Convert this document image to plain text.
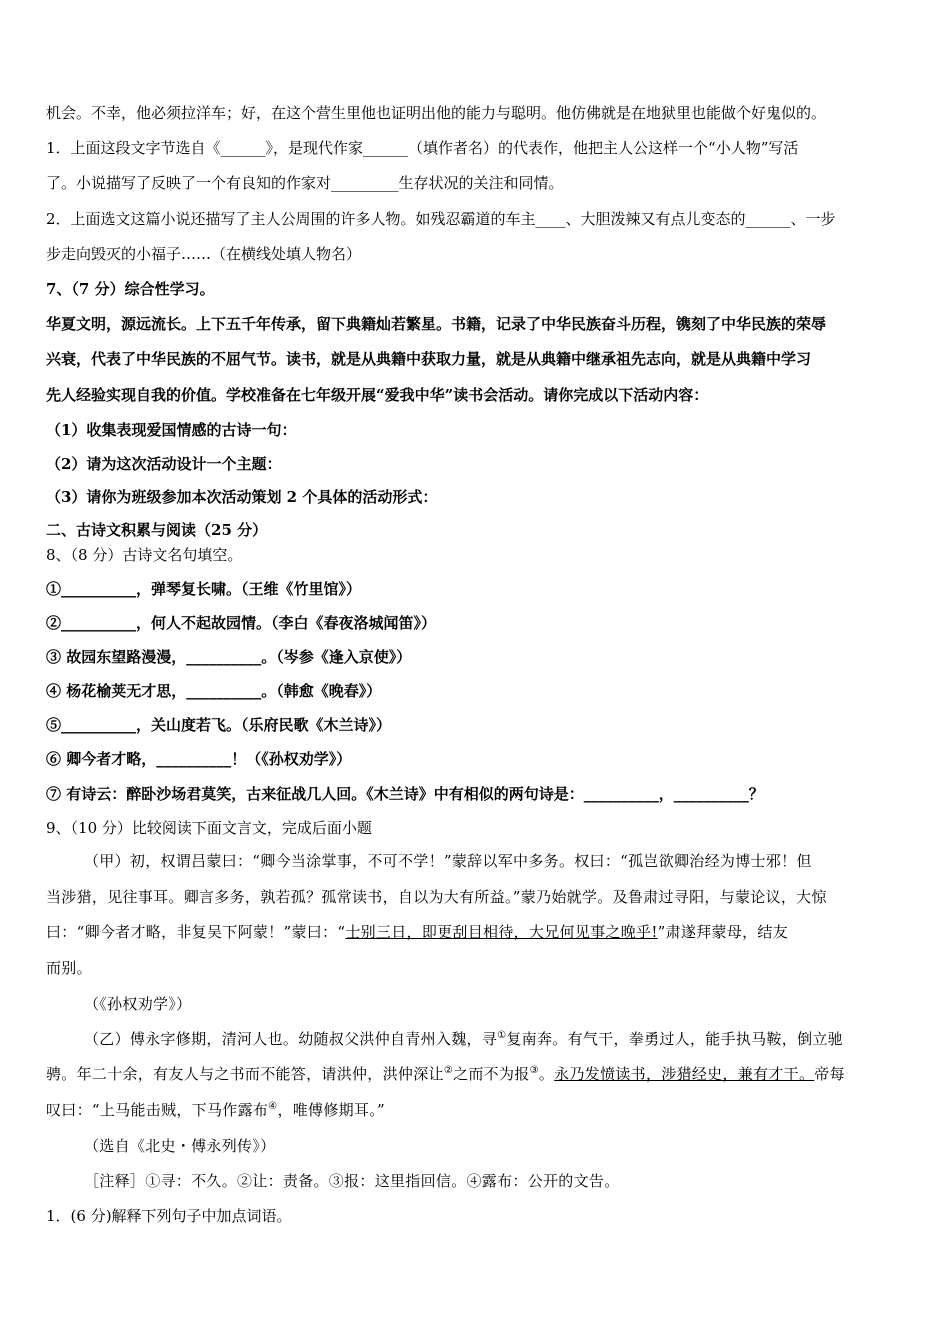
机会。不幸，他必须拉洋车；好，在这个营生里他也证明出他的能力与聪明。他仿佛就是在地狱里也能做个好鬼似的。
1．上面这段文字节选自《______》，是现代作家______（填作者名）的代表作，他把主人公这样一个“小人物”写活
了。小说描写了反映了一个有良知的作家对_________生存状况的关注和同情。
2．上面选文这篇小说还描写了主人公周围的许多人物。如残忍霸道的车主____、大胆泼辣又有点儿变态的______、一步
步走向毁灭的小福子……（在横线处填人物名）
7、（7 分）综合性学习。
华夏文明，源远流长。上下五千年传承，留下典籍灿若繁星。书籍，记录了中华民族奋斗历程，镌刻了中华民族的荣辱
兴衰，代表了中华民族的不屈气节。读书，就是从典籍中获取力量，就是从典籍中继承祖先志向，就是从典籍中学习
先人经验实现自我的价值。学校准备在七年级开展“爱我中华”读书会活动。请你完成以下活动内容：
（1）收集表现爱国情感的古诗一句：
（2）请为这次活动设计一个主题：
（3）请你为班级参加本次活动策划 2 个具体的活动形式：
二、古诗文积累与阅读（25 分）
8、（8 分）古诗文名句填空。
①__________，弹琴复长啸。（王维《竹里馆》）
②__________，何人不起故园情。（李白《春夜洛城闻笛》）
③ 故园东望路漫漫，__________。（岑参《逢入京使》）
④ 杨花榆荚无才思，__________。（韩愈《晚春》）
⑤__________，关山度若飞。（乐府民歌《木兰诗》）
⑥ 卿今者才略，__________！（《孙权劝学》）
⑦ 有诗云：醉卧沙场君莫笑，古来征战几人回。《木兰诗》中有相似的两句诗是：__________，__________？
9、（10 分）比较阅读下面文言文，完成后面小题
（甲）初，权谓吕蒙曰：“卿今当涂掌事，不可不学！”蒙辞以军中多务。权曰：“孤岂欲卿治经为博士邪！但
当涉猎，见往事耳。卿言多务，孰若孤？孤常读书，自以为大有所益。”蒙乃始就学。及鲁肃过寻阳，与蒙论议，大惊
曰：“卿今者才略，非复吴下阿蒙！”蒙曰：“士别三日，即更刮目相待，大兄何见事之晚乎!”肃遂拜蒙母，结友
而别。
（《孙权劝学》）
（乙）傅永字修期，清河人也。幼随叔父洪仲自青州入魏，寻①复南奔。有气干，拳勇过人，能手执马鞍，倒立驰
骋。年二十余，有友人与之书而不能答，请洪仲，洪仲深让②之而不为报③。永乃发愤读书，涉猎经史，兼有才干。帝每
叹曰：“上马能击贼，下马作露布④，唯傅修期耳。”
（选自《北史・傅永列传》）
［注释］①寻：不久。②让：责备。③报：这里指回信。④露布：公开的文告。
1．(6 分)解释下列句子中加点词语。
